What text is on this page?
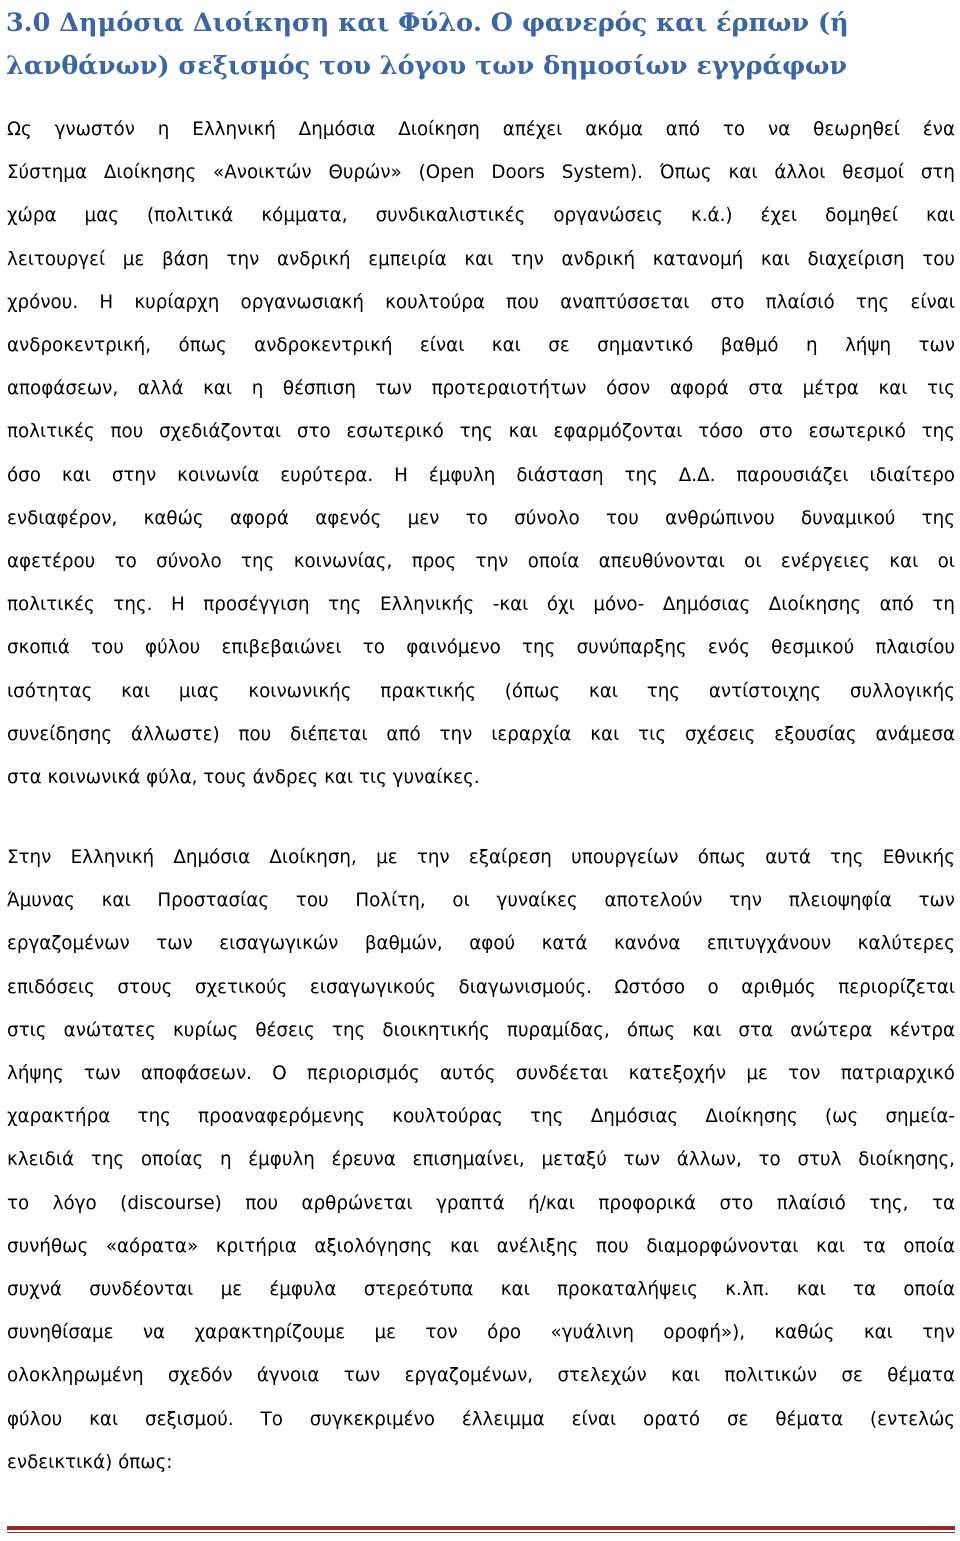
3.0 Δημόσια Διοίκηση και Φύλο. Ο φανερός και έρπων (ή
λανθάνων) σεξισμός του λόγου των δημοσίων εγγράφων
Ως γνωστόν η Ελληνική Δημόσια Διοίκηση απέχει ακόμα από το να θεωρηθεί ένα
Σύστημα Διοίκησης «Ανοικτών Θυρών» (Open Doors System). Όπως και άλλοι θεσμοί στη
χώρα μας (πολιτικά κόμματα, συνδικαλιστικές οργανώσεις κ.ά.) έχει δομηθεί και
λειτουργεί με βάση την ανδρική εμπειρία και την ανδρική κατανομή και διαχείριση του
χρόνου. Η κυρίαρχη οργανωσιακή κουλτούρα που αναπτύσσεται στο πλαίσιό της είναι
ανδροκεντρική, όπως ανδροκεντρική είναι και σε σημαντικό βαθμό η λήψη των
αποφάσεων, αλλά και η θέσπιση των προτεραιοτήτων όσον αφορά στα μέτρα και τις
πολιτικές που σχεδιάζονται στο εσωτερικό της και εφαρμόζονται τόσο στο εσωτερικό της
όσο και στην κοινωνία ευρύτερα. Η έμφυλη διάσταση της Δ.Δ. παρουσιάζει ιδιαίτερο
ενδιαφέρον, καθώς αφορά αφενός μεν το σύνολο του ανθρώπινου δυναμικού της
αφετέρου το σύνολο της κοινωνίας, προς την οποία απευθύνονται οι ενέργειες και οι
πολιτικές της. Η προσέγγιση της Ελληνικής -και όχι μόνο- Δημόσιας Διοίκησης από τη
σκοπιά του φύλου επιβεβαιώνει το φαινόμενο της συνύπαρξης ενός θεσμικού πλαισίου
ισότητας και μιας κοινωνικής πρακτικής (όπως και της αντίστοιχης συλλογικής
συνείδησης άλλωστε) που διέπεται από την ιεραρχία και τις σχέσεις εξουσίας ανάμεσα
στα κοινωνικά φύλα, τους άνδρες και τις γυναίκες.
Στην Ελληνική Δημόσια Διοίκηση, με την εξαίρεση υπουργείων όπως αυτά της Εθνικής
Άμυνας και Προστασίας του Πολίτη, οι γυναίκες αποτελούν την πλειοψηφία των
εργαζομένων των εισαγωγικών βαθμών, αφού κατά κανόνα επιτυγχάνουν καλύτερες
επιδόσεις στους σχετικούς εισαγωγικούς διαγωνισμούς. Ωστόσο ο αριθμός περιορίζεται
στις ανώτατες κυρίως θέσεις της διοικητικής πυραμίδας, όπως και στα ανώτερα κέντρα
λήψης των αποφάσεων. Ο περιορισμός αυτός συνδέεται κατεξοχήν με τον πατριαρχικό
χαρακτήρα της προαναφερόμενης κουλτούρας της Δημόσιας Διοίκησης (ως σημεία-
κλειδιά της οποίας η έμφυλη έρευνα επισημαίνει, μεταξύ των άλλων, το στυλ διοίκησης,
το λόγο (discourse) που αρθρώνεται γραπτά ή/και προφορικά στο πλαίσιό της, τα
συνήθως «αόρατα» κριτήρια αξιολόγησης και ανέλιξης που διαμορφώνονται και τα οποία
συχνά συνδέονται με έμφυλα στερεότυπα και προκαταλήψεις κ.λπ. και τα οποία
συνηθίσαμε να χαρακτηρίζουμε με τον όρο «γυάλινη οροφή»), καθώς και την
ολοκληρωμένη σχεδόν άγνοια των εργαζομένων, στελεχών και πολιτικών σε θέματα
φύλου και σεξισμού. Το συγκεκριμένο έλλειμμα είναι ορατό σε θέματα (εντελώς
ενδεικτικά) όπως:
